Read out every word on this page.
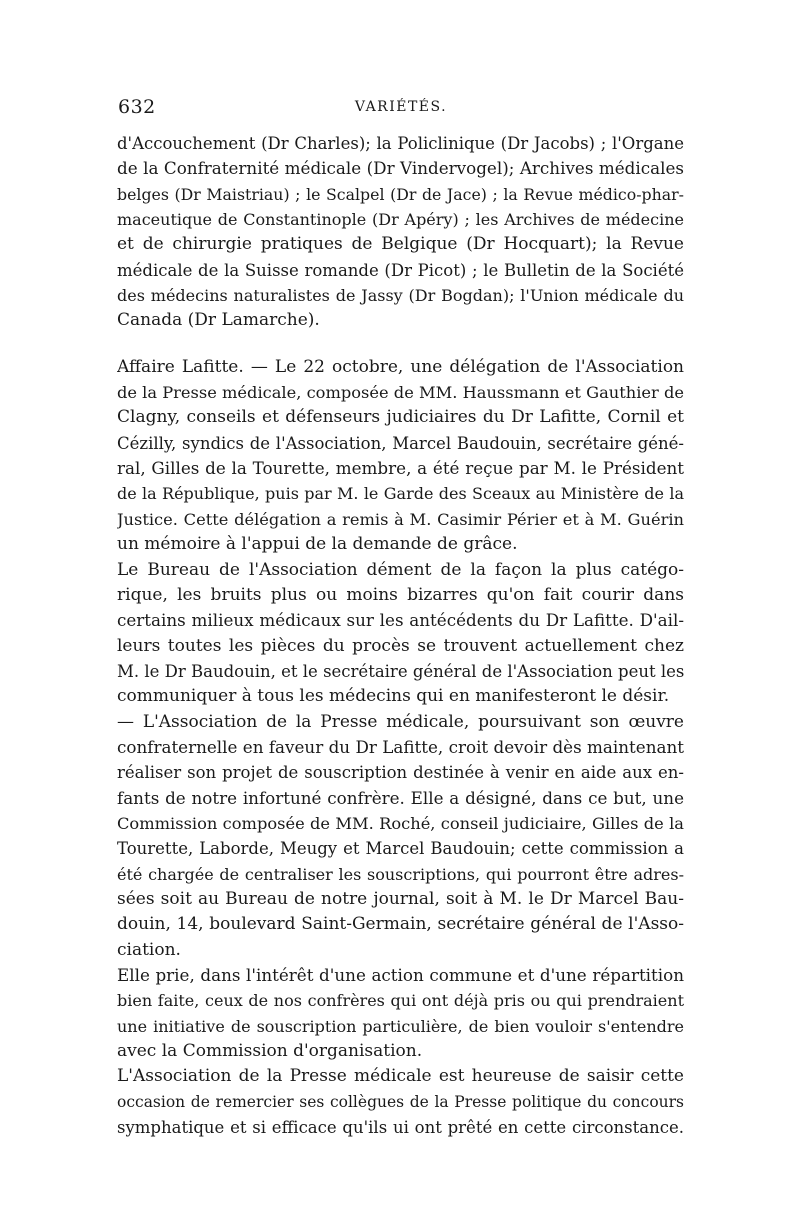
632	VARIÉTÉS.
d'Accouchement (Dr Charles); la Policlinique (Dr Jacobs) ; l'Organe
de la Confraternité médicale (Dr Vindervogel); Archives médicales
belges (Dr Maistriau) ; le Scalpel (Dr de Jace) ; la Revue médico-phar-
maceutique de Constantinople (Dr Apéry) ; les Archives de médecine
et de chirurgie pratiques de Belgique (Dr Hocquart); la Revue
médicale de la Suisse romande (Dr Picot) ; le Bulletin de la Société
des médecins naturalistes de Jassy (Dr Bogdan); l'Union médicale du
Canada (Dr Lamarche).
Affaire Lafitte. — Le 22 octobre, une délégation de l'Association
de la Presse médicale, composée de MM. Haussmann et Gauthier de
Clagny, conseils et défenseurs judiciaires du Dr Lafitte, Cornil et
Cézilly, syndics de l'Association, Marcel Baudouin, secrétaire géné-
ral, Gilles de la Tourette, membre, a été reçue par M. le Président
de la République, puis par M. le Garde des Sceaux au Ministère de la
Justice. Cette délégation a remis à M. Casimir Périer et à M. Guérin
un mémoire à l'appui de la demande de grâce.
Le Bureau de l'Association dément de la façon la plus catégo-
rique, les bruits plus ou moins bizarres qu'on fait courir dans
certains milieux médicaux sur les antécédents du Dr Lafitte. D'ail-
leurs toutes les pièces du procès se trouvent actuellement chez
M. le Dr Baudouin, et le secrétaire général de l'Association peut les
communiquer à tous les médecins qui en manifesteront le désir.
— L'Association de la Presse médicale, poursuivant son œuvre
confraternelle en faveur du Dr Lafitte, croit devoir dès maintenant
réaliser son projet de souscription destinée à venir en aide aux en-
fants de notre infortuné confrère. Elle a désigné, dans ce but, une
Commission composée de MM. Roché, conseil judiciaire, Gilles de la
Tourette, Laborde, Meugy et Marcel Baudouin; cette commission a
été chargée de centraliser les souscriptions, qui pourront être adres-
sées soit au Bureau de notre journal, soit à M. le Dr Marcel Bau-
douin, 14, boulevard Saint-Germain, secrétaire général de l'Asso-
ciation.
Elle prie, dans l'intérêt d'une action commune et d'une répartition
bien faite, ceux de nos confrères qui ont déjà pris ou qui prendraient
une initiative de souscription particulière, de bien vouloir s'entendre
avec la Commission d'organisation.
L'Association de la Presse médicale est heureuse de saisir cette
occasion de remercier ses collègues de la Presse politique du concours
symphatique et si efficace qu'ils ui ont prêté en cette circonstance.
